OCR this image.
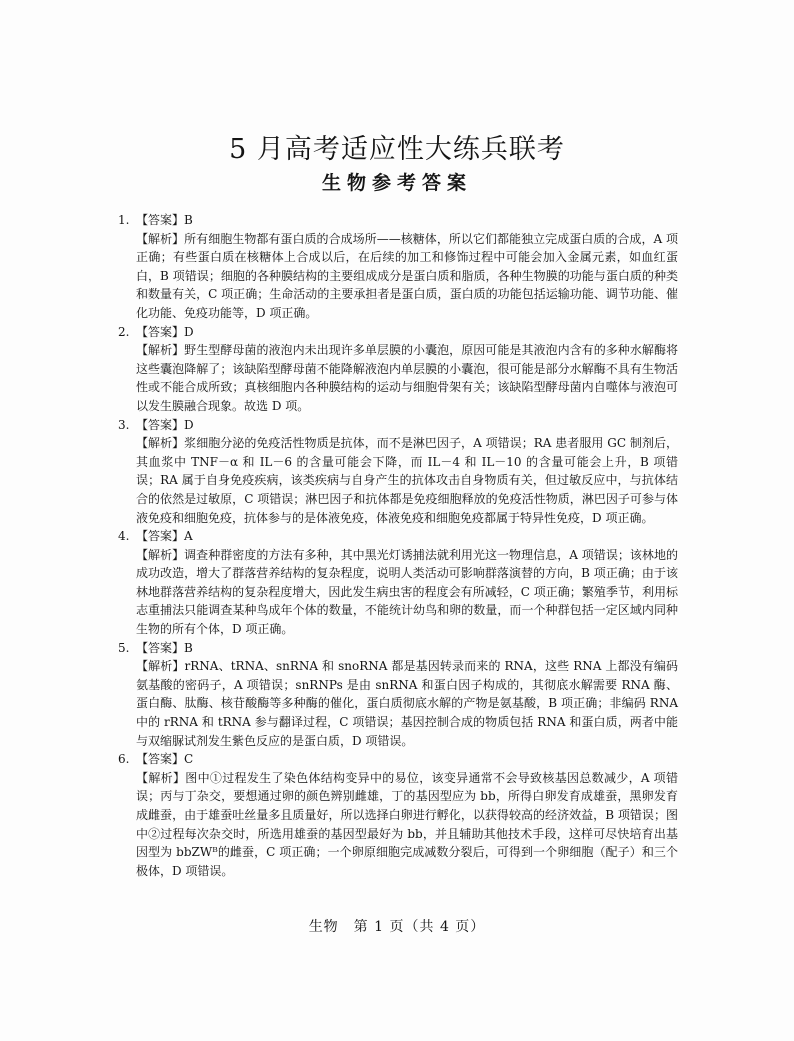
5 月高考适应性大练兵联考
生物参考答案
1. 【答案】B
【解析】所有细胞生物都有蛋白质的合成场所——核糖体，所以它们都能独立完成蛋白质的合成，A 项正确；有些蛋白质在核糖体上合成以后，在后续的加工和修饰过程中可能会加入金属元素，如血红蛋白，B 项错误；细胞的各种膜结构的主要组成成分是蛋白质和脂质，各种生物膜的功能与蛋白质的种类和数量有关，C 项正确；生命活动的主要承担者是蛋白质，蛋白质的功能包括运输功能、调节功能、催化功能、免疫功能等，D 项正确。
2. 【答案】D
【解析】野生型酵母菌的液泡内未出现许多单层膜的小囊泡，原因可能是其液泡内含有的多种水解酶将这些囊泡降解了；该缺陷型酵母菌不能降解液泡内单层膜的小囊泡，很可能是部分水解酶不具有生物活性或不能合成所致；真核细胞内各种膜结构的运动与细胞骨架有关；该缺陷型酵母菌内自噬体与液泡可以发生膜融合现象。故选 D 项。
3. 【答案】D
【解析】浆细胞分泌的免疫活性物质是抗体，而不是淋巴因子，A 项错误；RA 患者服用 GC 制剂后，其血浆中 TNF－α 和 IL－6 的含量可能会下降，而 IL－4 和 IL－10 的含量可能会上升，B 项错误；RA 属于自身免疫疾病，该类疾病与自身产生的抗体攻击自身物质有关，但过敏反应中，与抗体结合的依然是过敏原，C 项错误；淋巴因子和抗体都是免疫细胞释放的免疫活性物质，淋巴因子可参与体液免疫和细胞免疫，抗体参与的是体液免疫，体液免疫和细胞免疫都属于特异性免疫，D 项正确。
4. 【答案】A
【解析】调查种群密度的方法有多种，其中黑光灯诱捕法就利用光这一物理信息，A 项错误；该林地的成功改造，增大了群落营养结构的复杂程度，说明人类活动可影响群落演替的方向，B 项正确；由于该林地群落营养结构的复杂程度增大，因此发生病虫害的程度会有所减轻，C 项正确；繁殖季节，利用标志重捕法只能调查某种鸟成年个体的数量，不能统计幼鸟和卵的数量，而一个种群包括一定区域内同种生物的所有个体，D 项正确。
5. 【答案】B
【解析】rRNA、tRNA、snRNA 和 snoRNA 都是基因转录而来的 RNA，这些 RNA 上都没有编码氨基酸的密码子，A 项错误；snRNPs 是由 snRNA 和蛋白因子构成的，其彻底水解需要 RNA 酶、蛋白酶、肽酶、核苷酸酶等多种酶的催化，蛋白质彻底水解的产物是氨基酸，B 项正确；非编码 RNA 中的 rRNA 和 tRNA 参与翻译过程，C 项错误；基因控制合成的物质包括 RNA 和蛋白质，两者中能与双缩脲试剂发生紫色反应的是蛋白质，D 项错误。
6. 【答案】C
【解析】图中①过程发生了染色体结构变异中的易位，该变异通常不会导致核基因总数减少，A 项错误；丙与丁杂交，要想通过卵的颜色辨别雌雄，丁的基因型应为 bb，所得白卵发育成雄蚕，黑卵发育成雌蚕，由于雄蚕吐丝量多且质量好，所以选择白卵进行孵化，以获得较高的经济效益，B 项错误；图中②过程每次杂交时，所选用雄蚕的基因型最好为 bb，并且辅助其他技术手段，这样可尽快培育出基因型为 bbZWᴮ的雌蚕，C 项正确；一个卵原细胞完成减数分裂后，可得到一个卵细胞（配子）和三个极体，D 项错误。
生物　第 1 页（共 4 页）
